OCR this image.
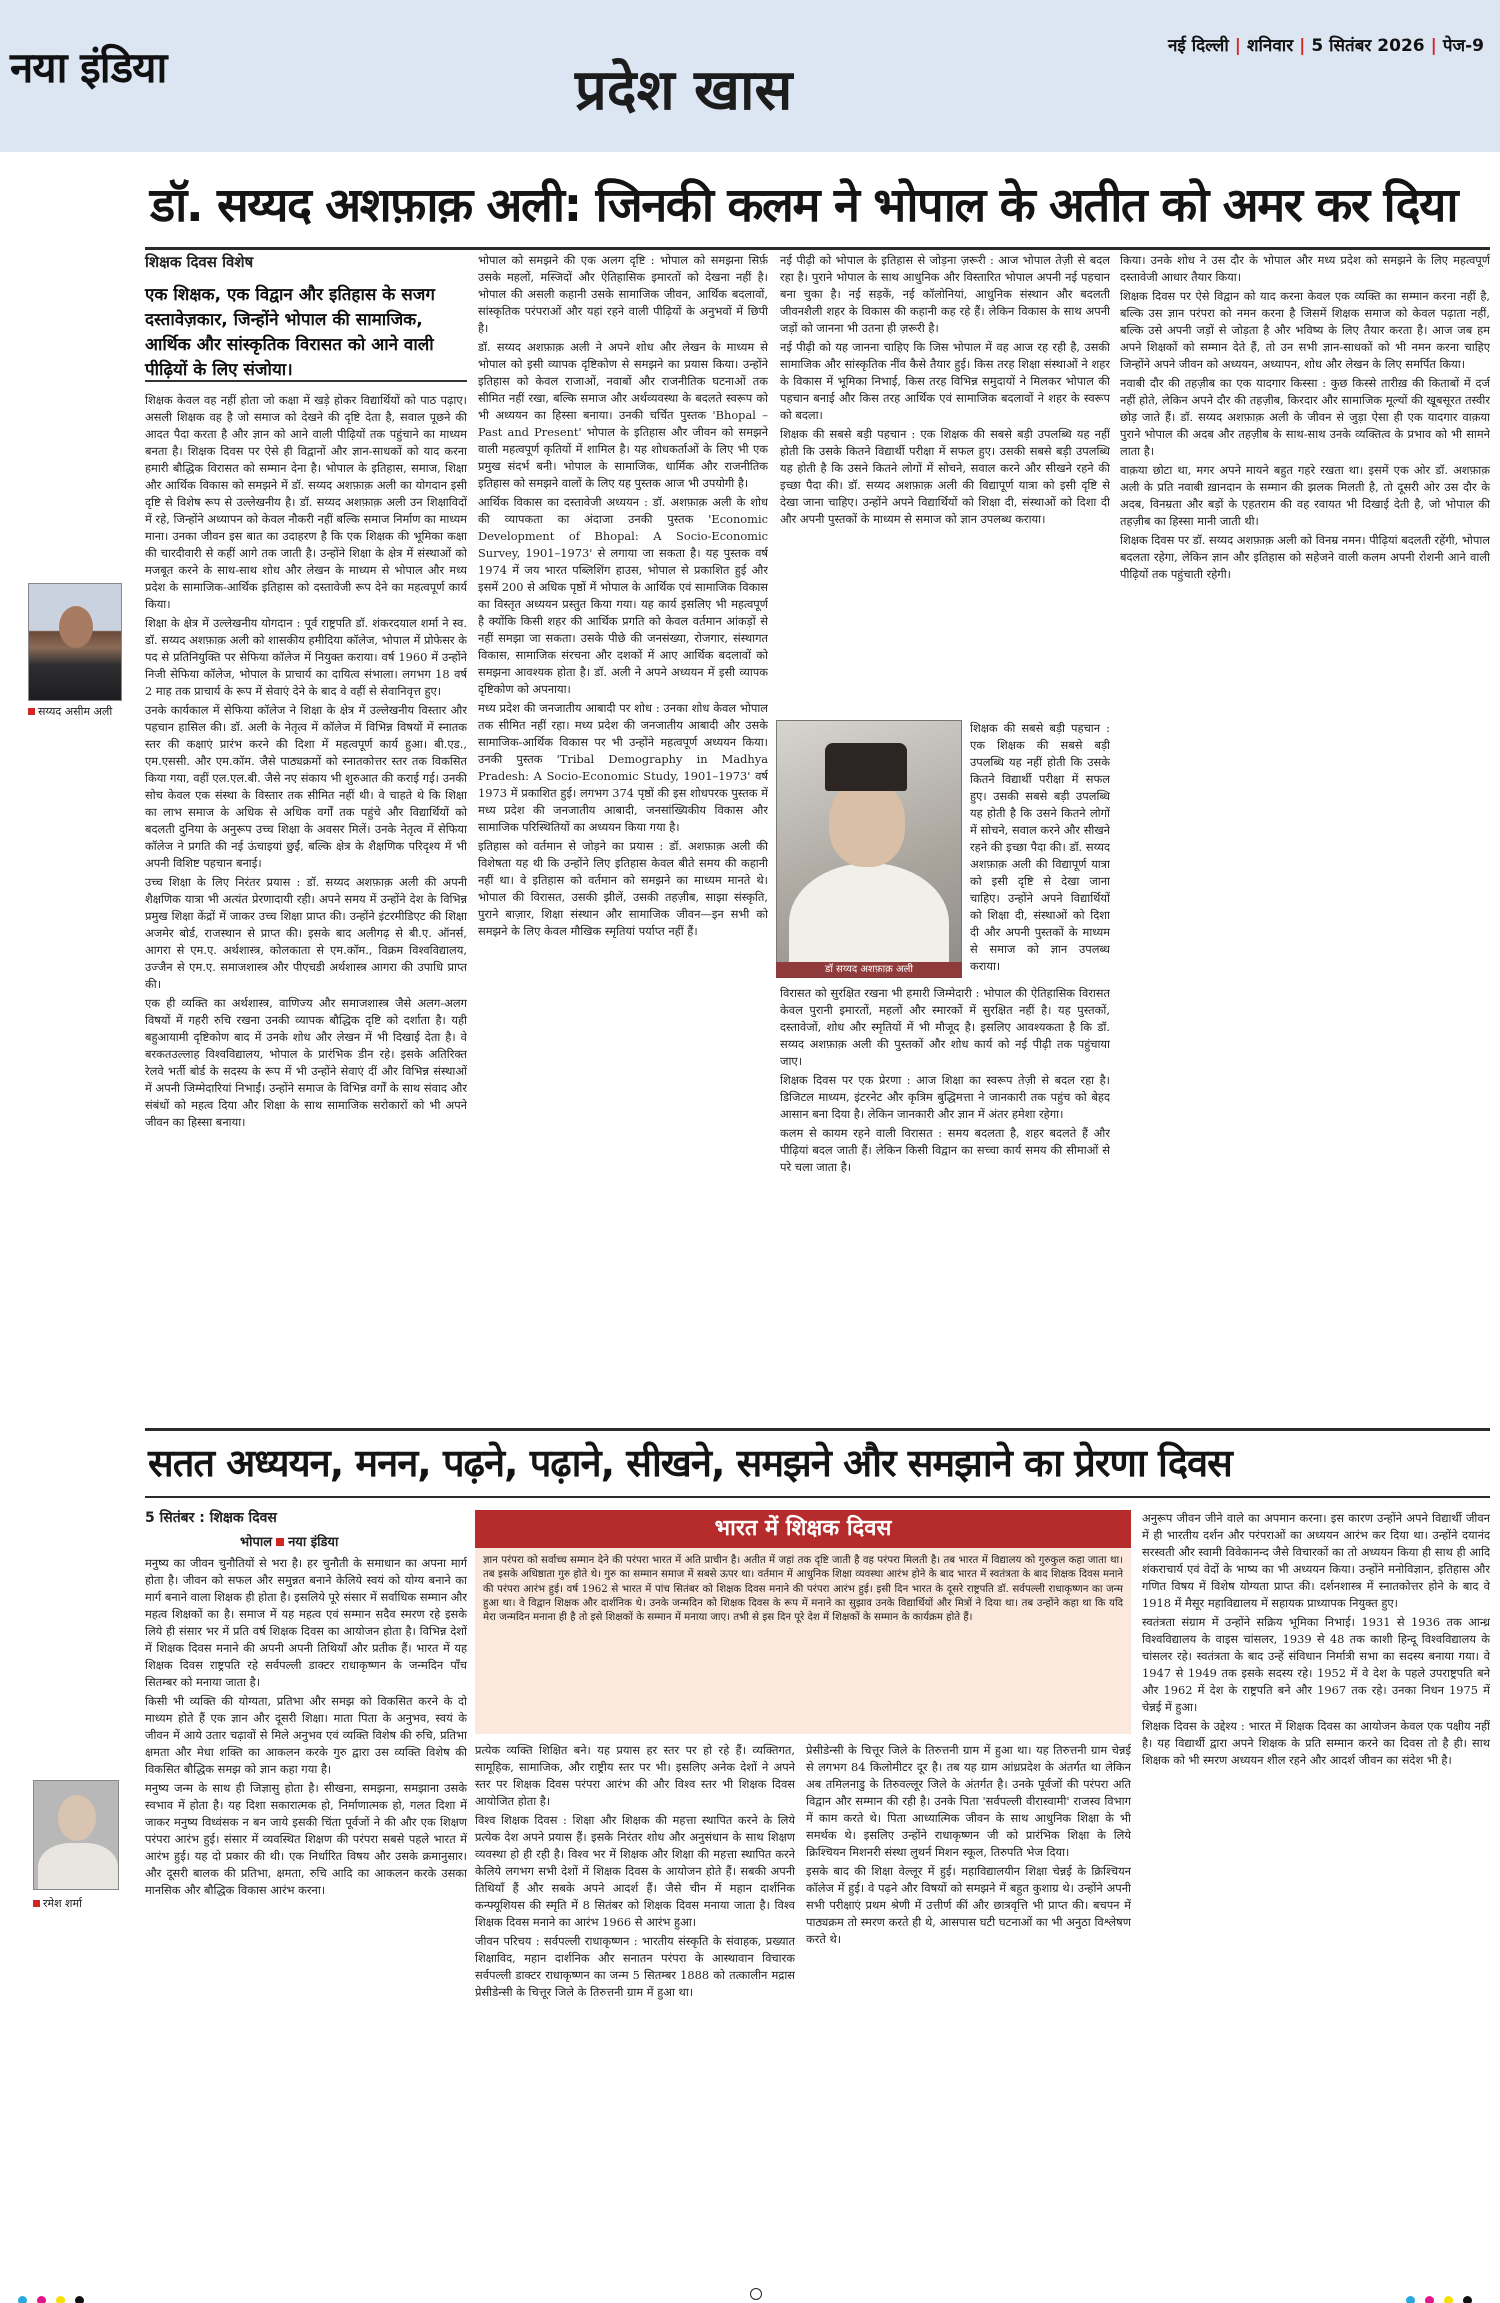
नया इंडिया	प्रदेश खास
नई दिल्ली | शनिवार | 5 सितंबर 2026 | पेज-9
डॉ. सय्यद अशफ़ाक़ अली: जिनकी कलम ने भोपाल के अतीत को अमर कर दिया
शिक्षक दिवस विशेष
एक शिक्षक, एक विद्वान और इतिहास के सजग दस्तावेज़कार, जिन्होंने भोपाल की सामाजिक, आर्थिक और सांस्कृतिक विरासत को आने वाली पीढ़ियों के लिए संजोया।
सय्यद असीम अली

शिक्षक केवल वह नहीं होता जो कक्षा में खड़े होकर विद्यार्थियों को पाठ पढ़ाए। असली शिक्षक वह है जो समाज को देखने की दृष्टि देता है, सवाल पूछने की आदत पैदा करता है और ज्ञान को आने वाली पीढ़ियों तक पहुंचाने का माध्यम बनता है। शिक्षक दिवस पर ऐसे ही विद्वानों और ज्ञान-साधकों को याद करना हमारी बौद्धिक विरासत को सम्मान देना है। भोपाल के इतिहास, समाज, शिक्षा और आर्थिक विकास को समझने में डॉ. सय्यद अशफ़ाक़ अली का योगदान इसी दृष्टि से विशेष रूप से उल्लेखनीय है। डॉ. सय्यद अशफ़ाक़ अली उन शिक्षाविदों में रहे, जिन्होंने अध्यापन को केवल नौकरी नहीं बल्कि समाज निर्माण का माध्यम माना। उनका जीवन इस बात का उदाहरण है कि एक शिक्षक की भूमिका कक्षा की चारदीवारी से कहीं आगे तक जाती है। उन्होंने शिक्षा के क्षेत्र में संस्थाओं को मजबूत करने के साथ-साथ शोध और लेखन के माध्यम से भोपाल और मध्य प्रदेश के सामाजिक-आर्थिक इतिहास को दस्तावेजी रूप देने का महत्वपूर्ण कार्य किया।

शिक्षा के क्षेत्र में उल्लेखनीय योगदान : पूर्व राष्ट्रपति डॉ. शंकरदयाल शर्मा ने स्व. डॉ. सय्यद अशफ़ाक़ अली को शासकीय हमीदिया कॉलेज, भोपाल में प्रोफेसर के पद से प्रतिनियुक्ति पर सेफिया कॉलेज में नियुक्त कराया। वर्ष 1960 में उन्होंने निजी सेफिया कॉलेज, भोपाल के प्राचार्य का दायित्व संभाला। लगभग 18 वर्ष 2 माह तक प्राचार्य के रूप में सेवाएं देने के बाद वे वहीं से सेवानिवृत्त हुए।

उनके कार्यकाल में सेफिया कॉलेज ने शिक्षा के क्षेत्र में उल्लेखनीय विस्तार और पहचान हासिल की। डॉ. अली के नेतृत्व में कॉलेज में विभिन्न विषयों में स्नातक स्तर की कक्षाएं प्रारंभ करने की दिशा में महत्वपूर्ण कार्य हुआ। बी.एड., एम.एससी. और एम.कॉम. जैसे पाठ्यक्रमों को स्नातकोत्तर स्तर तक विकसित किया गया, वहीं एल.एल.बी. जैसे नए संकाय भी शुरुआत की कराई गई। उनकी सोच केवल एक संस्था के विस्तार तक सीमित नहीं थी। वे चाहते थे कि शिक्षा का लाभ समाज के अधिक से अधिक वर्गों तक पहुंचे और विद्यार्थियों को बदलती दुनिया के अनुरूप उच्च शिक्षा के अवसर मिलें। उनके नेतृत्व में सेफिया कॉलेज ने प्रगति की नई ऊंचाइयां छुईं, बल्कि क्षेत्र के शैक्षणिक परिदृश्य में भी अपनी विशिष्ट पहचान बनाई।

उच्च शिक्षा के लिए निरंतर प्रयास : डॉ. सय्यद अशफ़ाक़ अली की अपनी शैक्षणिक यात्रा भी अत्यंत प्रेरणादायी रही। अपने समय में उन्होंने देश के विभिन्न प्रमुख शिक्षा केंद्रों में जाकर उच्च शिक्षा प्राप्त की। उन्होंने इंटरमीडिएट की शिक्षा अजमेर बोर्ड, राजस्थान से प्राप्त की। इसके बाद अलीगढ़ से बी.ए. ऑनर्स, आगरा से एम.ए. अर्थशास्त्र, कोलकाता से एम.कॉम., विक्रम विश्वविद्यालय, उज्जैन से एम.ए. समाजशास्त्र और पीएचडी अर्थशास्त्र आगरा की उपाधि प्राप्त की।

एक ही व्यक्ति का अर्थशास्त्र, वाणिज्य और समाजशास्त्र जैसे अलग-अलग विषयों में गहरी रुचि रखना उनकी व्यापक बौद्धिक दृष्टि को दर्शाता है। यही बहुआयामी दृष्टिकोण बाद में उनके शोध और लेखन में भी दिखाई देता है। वे बरकतउल्लाह विश्वविद्यालय, भोपाल के प्रारंभिक डीन रहे। इसके अतिरिक्त रेलवे भर्ती बोर्ड के सदस्य के रूप में भी उन्होंने सेवाएं दीं और विभिन्न संस्थाओं में अपनी जिम्मेदारियां निभाईं। उन्होंने समाज के विभिन्न वर्गों के साथ संवाद और संबंधों को महत्व दिया और शिक्षा के साथ सामाजिक सरोकारों को भी अपने जीवन का हिस्सा बनाया।

भोपाल को समझने की एक अलग दृष्टि : भोपाल को समझना सिर्फ़ उसके महलों, मस्जिदों और ऐतिहासिक इमारतों को देखना नहीं है। भोपाल की असली कहानी उसके सामाजिक जीवन, आर्थिक बदलावों, सांस्कृतिक परंपराओं और यहां रहने वाली पीढ़ियों के अनुभवों में छिपी है।

डॉ. सय्यद अशफ़ाक़ अली ने अपने शोध और लेखन के माध्यम से भोपाल को इसी व्यापक दृष्टिकोण से समझने का प्रयास किया। उन्होंने इतिहास को केवल राजाओं, नवाबों और राजनीतिक घटनाओं तक सीमित नहीं रखा, बल्कि समाज और अर्थव्यवस्था के बदलते स्वरूप को भी अध्ययन का हिस्सा बनाया। उनकी चर्चित पुस्तक 'Bhopal – Past and Present' भोपाल के इतिहास और जीवन को समझने वाली महत्वपूर्ण कृतियों में शामिल है। यह शोधकर्ताओं के लिए भी एक प्रमुख संदर्भ बनी। भोपाल के सामाजिक, धार्मिक और राजनीतिक इतिहास को समझने वालों के लिए यह पुस्तक आज भी उपयोगी है।

आर्थिक विकास का दस्तावेजी अध्ययन : डॉ. अशफ़ाक़ अली के शोध की व्यापकता का अंदाजा उनकी पुस्तक 'Economic Development of Bhopal: A Socio-Economic Survey, 1901–1973' से लगाया जा सकता है। यह पुस्तक वर्ष 1974 में जय भारत पब्लिशिंग हाउस, भोपाल से प्रकाशित हुई और इसमें 200 से अधिक पृष्ठों में भोपाल के आर्थिक एवं सामाजिक विकास का विस्तृत अध्ययन प्रस्तुत किया गया। यह कार्य इसलिए भी महत्वपूर्ण है क्योंकि किसी शहर की आर्थिक प्रगति को केवल वर्तमान आंकड़ों से नहीं समझा जा सकता। उसके पीछे की जनसंख्या, रोजगार, संस्थागत विकास, सामाजिक संरचना और दशकों में आए आर्थिक बदलावों को समझना आवश्यक होता है। डॉ. अली ने अपने अध्ययन में इसी व्यापक दृष्टिकोण को अपनाया।

मध्य प्रदेश की जनजातीय आबादी पर शोध : उनका शोध केवल भोपाल तक सीमित नहीं रहा। मध्य प्रदेश की जनजातीय आबादी और उसके सामाजिक-आर्थिक विकास पर भी उन्होंने महत्वपूर्ण अध्ययन किया। उनकी पुस्तक 'Tribal Demography in Madhya Pradesh: A Socio-Economic Study, 1901–1973' वर्ष 1973 में प्रकाशित हुई। लगभग 374 पृष्ठों की इस शोधपरक पुस्तक में मध्य प्रदेश की जनजातीय आबादी, जनसांख्यिकीय विकास और सामाजिक परिस्थितियों का अध्ययन किया गया है।

इतिहास को वर्तमान से जोड़ने का प्रयास : डॉ. अशफ़ाक़ अली की विशेषता यह थी कि उन्होंने लिए इतिहास केवल बीते समय की कहानी नहीं था। वे इतिहास को वर्तमान को समझने का माध्यम मानते थे। भोपाल की विरासत, उसकी झीलें, उसकी तहज़ीब, साझा संस्कृति, पुराने बाज़ार, शिक्षा संस्थान और सामाजिक जीवन—इन सभी को समझने के लिए केवल मौखिक स्मृतियां पर्याप्त नहीं हैं।

नई पीढ़ी को भोपाल के इतिहास से जोड़ना ज़रूरी : आज भोपाल तेज़ी से बदल रहा है। पुराने भोपाल के साथ आधुनिक और विस्तारित भोपाल अपनी नई पहचान बना चुका है। नई सड़कें, नई कॉलोनियां, आधुनिक संस्थान और बदलती जीवनशैली शहर के विकास की कहानी कह रहे हैं। लेकिन विकास के साथ अपनी जड़ों को जानना भी उतना ही ज़रूरी है।

नई पीढ़ी को यह जानना चाहिए कि जिस भोपाल में वह आज रह रही है, उसकी सामाजिक और सांस्कृतिक नींव कैसे तैयार हुई। किस तरह शिक्षा संस्थाओं ने शहर के विकास में भूमिका निभाई, किस तरह विभिन्न समुदायों ने मिलकर भोपाल की पहचान बनाई और किस तरह आर्थिक एवं सामाजिक बदलावों ने शहर के स्वरूप को बदला।

शिक्षक की सबसे बड़ी पहचान : एक शिक्षक की सबसे बड़ी उपलब्धि यह नहीं होती कि उसके कितने विद्यार्थी परीक्षा में सफल हुए। उसकी सबसे बड़ी उपलब्धि यह होती है कि उसने कितने लोगों में सोचने, सवाल करने और सीखने रहने की इच्छा पैदा की। डॉ. सय्यद अशफ़ाक़ अली की विद्यापूर्ण यात्रा को इसी दृष्टि से देखा जाना चाहिए। उन्होंने अपने विद्यार्थियों को शिक्षा दी, संस्थाओं को दिशा दी और अपनी पुस्तकों के माध्यम से समाज को ज्ञान उपलब्ध कराया।

डॉ सय्यद अशफ़ाक़ अली

शिक्षक की सबसे बड़ी पहचान : एक शिक्षक की सबसे बड़ी उपलब्धि यह नहीं होती कि उसके कितने विद्यार्थी परीक्षा में सफल हुए। उसकी सबसे बड़ी उपलब्धि यह होती है कि उसने कितने लोगों में सोचने, सवाल करने और सीखने रहने की इच्छा पैदा की। डॉ. सय्यद अशफ़ाक़ अली की विद्यापूर्ण यात्रा को इसी दृष्टि से देखा जाना चाहिए। उन्होंने अपने विद्यार्थियों को शिक्षा दी, संस्थाओं को दिशा दी और अपनी पुस्तकों के माध्यम से समाज को ज्ञान उपलब्ध कराया।

विरासत को सुरक्षित रखना भी हमारी जिम्मेदारी : भोपाल की ऐतिहासिक विरासत केवल पुरानी इमारतों, महलों और स्मारकों में सुरक्षित नहीं है। यह पुस्तकों, दस्तावेजों, शोध और स्मृतियों में भी मौजूद है। इसलिए आवश्यकता है कि डॉ. सय्यद अशफ़ाक़ अली की पुस्तकों और शोध कार्य को नई पीढ़ी तक पहुंचाया जाए।

शिक्षक दिवस पर एक प्रेरणा : आज शिक्षा का स्वरूप तेज़ी से बदल रहा है। डिजिटल माध्यम, इंटरनेट और कृत्रिम बुद्धिमत्ता ने जानकारी तक पहुंच को बेहद आसान बना दिया है। लेकिन जानकारी और ज्ञान में अंतर हमेशा रहेगा।

कलम से कायम रहने वाली विरासत : समय बदलता है, शहर बदलते हैं और पीढ़ियां बदल जाती हैं। लेकिन किसी विद्वान का सच्चा कार्य समय की सीमाओं से परे चला जाता है।

किया। उनके शोध ने उस दौर के भोपाल और मध्य प्रदेश को समझने के लिए महत्वपूर्ण दस्तावेजी आधार तैयार किया।

शिक्षक दिवस पर ऐसे विद्वान को याद करना केवल एक व्यक्ति का सम्मान करना नहीं है, बल्कि उस ज्ञान परंपरा को नमन करना है जिसमें शिक्षक समाज को केवल पढ़ाता नहीं, बल्कि उसे अपनी जड़ों से जोड़ता है और भविष्य के लिए तैयार करता है। आज जब हम अपने शिक्षकों को सम्मान देते हैं, तो उन सभी ज्ञान-साधकों को भी नमन करना चाहिए जिन्होंने अपने जीवन को अध्ययन, अध्यापन, शोध और लेखन के लिए समर्पित किया।

नवाबी दौर की तहज़ीब का एक यादगार किस्सा : कुछ किस्से तारीख़ की किताबों में दर्ज नहीं होते, लेकिन अपने दौर की तहज़ीब, किरदार और सामाजिक मूल्यों की खूबसूरत तस्वीर छोड़ जाते हैं। डॉ. सय्यद अशफ़ाक़ अली के जीवन से जुड़ा ऐसा ही एक यादगार वाक़या पुराने भोपाल की अदब और तहज़ीब के साथ-साथ उनके व्यक्तित्व के प्रभाव को भी सामने लाता है।

वाक़या छोटा था, मगर अपने मायने बहुत गहरे रखता था। इसमें एक ओर डॉ. अशफ़ाक़ अली के प्रति नवाबी ख़ानदान के सम्मान की झलक मिलती है, तो दूसरी ओर उस दौर के अदब, विनम्रता और बड़ों के एहतराम की वह रवायत भी दिखाई देती है, जो भोपाल की तहज़ीब का हिस्सा मानी जाती थी।

शिक्षक दिवस पर डॉ. सय्यद अशफ़ाक़ अली को विनम्र नमन। पीढ़ियां बदलती रहेंगी, भोपाल बदलता रहेगा, लेकिन ज्ञान और इतिहास को सहेजने वाली कलम अपनी रोशनी आने वाली पीढ़ियों तक पहुंचाती रहेगी।

सतत अध्ययन, मनन, पढ़ने, पढ़ाने, सीखने, समझने और समझाने का प्रेरणा दिवस
5 सितंबर : शिक्षक दिवस
भोपाल नया इंडिया
रमेश शर्मा

मनुष्य का जीवन चुनौतियों से भरा है। हर चुनौती के समाधान का अपना मार्ग होता है। जीवन को सफल और समुन्नत बनाने केलिये स्वयं को योग्य बनाने का मार्ग बनाने वाला शिक्षक ही होता है। इसलिये पूरे संसार में सर्वाधिक सम्मान और महत्व शिक्षकों का है। समाज में यह महत्व एवं सम्मान सदैव स्मरण रहे इसके लिये ही संसार भर में प्रति वर्ष शिक्षक दिवस का आयोजन होता है। विभिन्न देशों में शिक्षक दिवस मनाने की अपनी अपनी तिथियाँ और प्रतीक हैं। भारत में यह शिक्षक दिवस राष्ट्रपति रहे सर्वपल्ली डाक्टर राधाकृष्णन के जन्मदिन पाँच सितम्बर को मनाया जाता है।

किसी भी व्यक्ति की योग्यता, प्रतिभा और समझ को विकसित करने के दो माध्यम होते हैं एक ज्ञान और दूसरी शिक्षा। माता पिता के अनुभव, स्वयं के जीवन में आये उतार चढ़ावों से मिले अनुभव एवं व्यक्ति विशेष की रुचि, प्रतिभा क्षमता और मेधा शक्ति का आकलन करके गुरु द्वारा उस व्यक्ति विशेष की विकसित बौद्धिक समझ को ज्ञान कहा गया है।

मनुष्य जन्म के साथ ही जिज्ञासु होता है। सीखना, समझना, समझाना उसके स्वभाव में होता है। यह दिशा सकारात्मक हो, निर्माणात्मक हो, गलत दिशा में जाकर मनुष्य विध्वंसक न बन जाये इसकी चिंता पूर्वजों ने की और एक शिक्षण परंपरा आरंभ हुई। संसार में व्यवस्थित शिक्षण की परंपरा सबसे पहले भारत में आरंभ हुई। यह दो प्रकार की थी। एक निर्धारित विषय और उसके क्रमानुसार। और दूसरी बालक की प्रतिभा, क्षमता, रुचि आदि का आकलन करके उसका मानसिक और बौद्धिक विकास आरंभ करना।

भारत में शिक्षक दिवस
ज्ञान परंपरा को सर्वाच्च सम्मान देने की परंपरा भारत में अति प्राचीन है। अतीत में जहां तक दृष्टि जाती है वह परंपरा मिलती है। तब भारत में विद्यालय को गुरुकुल कहा जाता था। तब इसके अधिष्ठाता गुरु होते थे। गुरु का सम्मान समाज में सबसे ऊपर था। वर्तमान में आधुनिक शिक्षा व्यवस्था आरंभ होने के बाद भारत में स्वतंत्रता के बाद शिक्षक दिवस मनाने की परंपरा आरंभ हुई। वर्ष 1962 से भारत में पांच सितंबर को शिक्षक दिवस मनाने की परंपरा आरंभ हुई। इसी दिन भारत के दूसरे राष्ट्रपति डॉ. सर्वपल्ली राधाकृष्णन का जन्म हुआ था। वे विद्वान शिक्षक और दार्शनिक थे। उनके जन्मदिन को शिक्षक दिवस के रूप में मनाने का सुझाव उनके विद्यार्थियों और मित्रों ने दिया था। तब उन्होंने कहा था कि यदि मेरा जन्मदिन मनाना ही है तो इसे शिक्षकों के सम्मान में मनाया जाए। तभी से इस दिन पूरे देश में शिक्षकों के सम्मान के कार्यक्रम होते हैं।

प्रत्येक व्यक्ति शिक्षित बने। यह प्रयास हर स्तर पर हो रहे हैं। व्यक्तिगत, सामूहिक, सामाजिक, और राष्ट्रीय स्तर पर भी। इसलिए अनेक देशों ने अपने स्तर पर शिक्षक दिवस परंपरा आरंभ की और विश्व स्तर भी शिक्षक दिवस आयोजित होता है।

विश्व शिक्षक दिवस : शिक्षा और शिक्षक की महत्ता स्थापित करने के लिये प्रत्येक देश अपने प्रयास हैं। इसके निरंतर शोध और अनुसंधान के साथ शिक्षण व्यवस्था हो ही रही है। विश्व भर में शिक्षक और शिक्षा की महत्ता स्थापित करने केलिये लगभग सभी देशों में शिक्षक दिवस के आयोजन होते हैं। सबकी अपनी तिथियाँ हैं और सबके अपने आदर्श हैं। जैसे चीन में महान दार्शनिक कन्फ्यूशियस की स्मृति में 8 सितंबर को शिक्षक दिवस मनाया जाता है। विश्व शिक्षक दिवस मनाने का आरंभ 1966 से आरंभ हुआ।

जीवन परिचय : सर्वपल्ली राधाकृष्णन : भारतीय संस्कृति के संवाहक, प्रख्यात शिक्षाविद, महान दार्शनिक और सनातन परंपरा के आस्थावान विचारक सर्वपल्ली डाक्टर राधाकृष्णन का जन्म 5 सितम्बर 1888 को तत्कालीन मद्रास प्रेसीडेन्सी के चित्तूर जिले के तिरुत्तनी ग्राम में हुआ था।

प्रेसीडेन्सी के चित्तूर जिले के तिरुत्तनी ग्राम में हुआ था। यह तिरुत्तनी ग्राम चेन्नई से लगभग 84 किलोमीटर दूर है। तब यह ग्राम आंध्रप्रदेश के अंतर्गत था लेकिन अब तमिलनाडु के तिरुवल्लूर जिले के अंतर्गत है। उनके पूर्वजों की परंपरा अति विद्वान और सम्मान की रही है। उनके पिता 'सर्वपल्ली वीरास्वामी' राजस्व विभाग में काम करते थे। पिता आध्यात्मिक जीवन के साथ आधुनिक शिक्षा के भी समर्थक थे। इसलिए उन्होंने राधाकृष्णन जी को प्रारंभिक शिक्षा के लिये क्रिश्चियन मिशनरी संस्था लुथर्न मिशन स्कूल, तिरुपति भेज दिया।

इसके बाद की शिक्षा वेल्लूर में हुई। महाविद्यालयीन शिक्षा चेन्नई के क्रिश्चियन कॉलेज में हुई। वे पढ़ने और विषयों को समझने में बहुत कुशाग्र थे। उन्होंने अपनी सभी परीक्षाएं प्रथम श्रेणी में उत्तीर्ण कीं और छात्रवृत्ति भी प्राप्त की। बचपन में पाठ्यक्रम तो स्मरण करते ही थे, आसपास घटी घटनाओं का भी अनुठा विश्लेषण करते थे।

अनुरूप जीवन जीने वाले का अपमान करना। इस कारण उन्होंने अपने विद्यार्थी जीवन में ही भारतीय दर्शन और परंपराओं का अध्ययन आरंभ कर दिया था। उन्होंने दयानंद सरस्वती और स्वामी विवेकानन्द जैसे विचारकों का तो अध्ययन किया ही साथ ही आदि शंकराचार्य एवं वेदों के भाष्य का भी अध्ययन किया। उन्होंने मनोविज्ञान, इतिहास और गणित विषय में विशेष योग्यता प्राप्त की। दर्शनशास्त्र में स्नातकोत्तर होने के बाद वे 1918 में मैसूर महाविद्यालय में सहायक प्राध्यापक नियुक्त हुए।

स्वतंत्रता संग्राम में उन्होंने सक्रिय भूमिका निभाई। 1931 से 1936 तक आन्ध्र विश्वविद्यालय के वाइस चांसलर, 1939 से 48 तक काशी हिन्दू विश्वविद्यालय के चांसलर रहे। स्वतंत्रता के बाद उन्हें संविधान निर्मात्री सभा का सदस्य बनाया गया। वे 1947 से 1949 तक इसके सदस्य रहे। 1952 में वे देश के पहले उपराष्ट्रपति बने और 1962 में देश के राष्ट्रपति बने और 1967 तक रहे। उनका निधन 1975 में चेन्नई में हुआ।

शिक्षक दिवस के उद्देश्य : भारत में शिक्षक दिवस का आयोजन केवल एक पक्षीय नहीं है। यह विद्यार्थी द्वारा अपने शिक्षक के प्रति सम्मान करने का दिवस तो है ही। साथ शिक्षक को भी स्मरण अध्ययन शील रहने और आदर्श जीवन का संदेश भी है।
